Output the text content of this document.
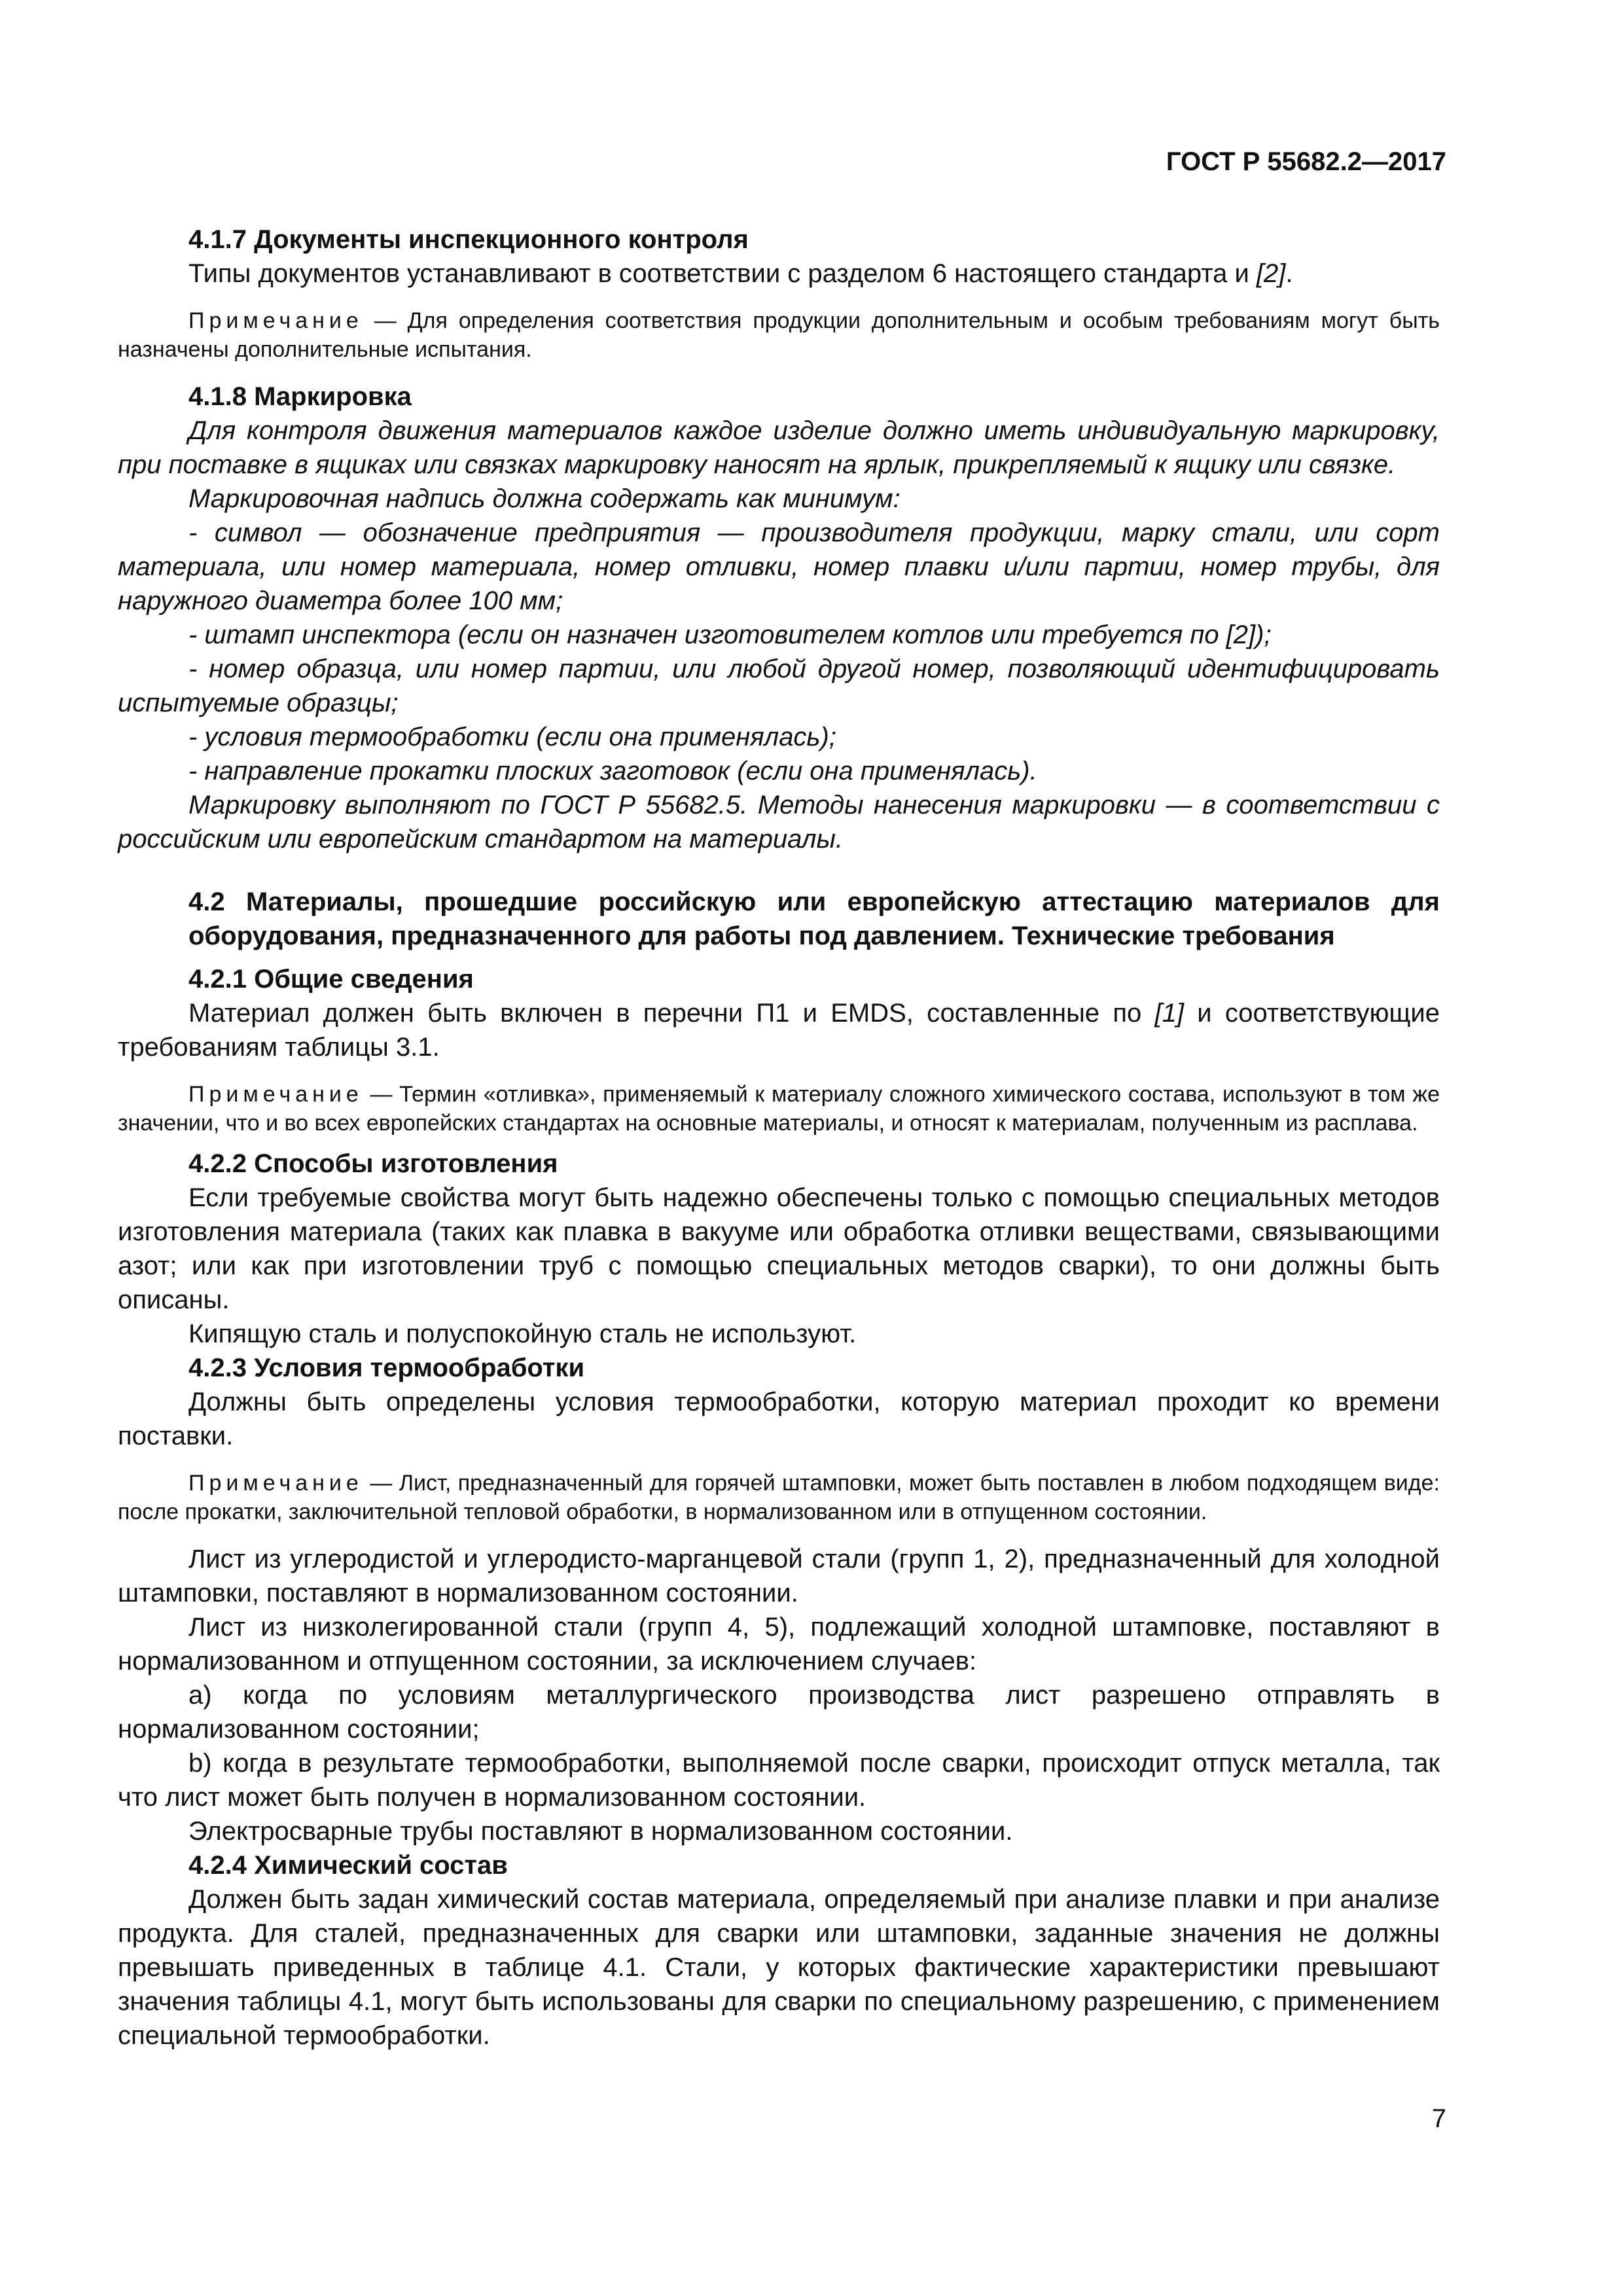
ГОСТ Р 55682.2—2017

4.1.7 Документы инспекционного контроля

Типы документов устанавливают в соответствии с разделом 6 настоящего стандарта и [2].

Примечание — Для определения соответствия продукции дополнительным и особым требованиям могут быть назначены дополнительные испытания.

4.1.8 Маркировка

Для контроля движения материалов каждое изделие должно иметь индивидуальную маркировку, при поставке в ящиках или связках маркировку наносят на ярлык, прикрепляемый к ящику или связке.

Маркировочная надпись должна содержать как минимум:

- символ — обозначение предприятия — производителя продукции, марку стали, или сорт материала, или номер материала, номер отливки, номер плавки и/или партии, номер трубы, для наружного диаметра более 100 мм;

- штамп инспектора (если он назначен изготовителем котлов или требуется по [2]);

- номер образца, или номер партии, или любой другой номер, позволяющий идентифицировать испытуемые образцы;

- условия термообработки (если она применялась);

- направление прокатки плоских заготовок (если она применялась).

Маркировку выполняют по ГОСТ Р 55682.5. Методы нанесения маркировки — в соответствии с российским или европейским стандартом на материалы.

4.2 Материалы, прошедшие российскую или европейскую аттестацию материалов для оборудования, предназначенного для работы под давлением. Технические требования

4.2.1 Общие сведения

Материал должен быть включен в перечни П1 и EMDS, составленные по [1] и соответствующие требованиям таблицы 3.1.

Примечание — Термин «отливка», применяемый к материалу сложного химического состава, используют в том же значении, что и во всех европейских стандартах на основные материалы, и относят к материалам, полученным из расплава.

4.2.2 Способы изготовления

Если требуемые свойства могут быть надежно обеспечены только с помощью специальных методов изготовления материала (таких как плавка в вакууме или обработка отливки веществами, связывающими азот; или как при изготовлении труб с помощью специальных методов сварки), то они должны быть описаны.

Кипящую сталь и полуспокойную сталь не используют.

4.2.3 Условия термообработки

Должны быть определены условия термообработки, которую материал проходит ко времени поставки.

Примечание — Лист, предназначенный для горячей штамповки, может быть поставлен в любом подходящем виде: после прокатки, заключительной тепловой обработки, в нормализованном или в отпущенном состоянии.

Лист из углеродистой и углеродисто-марганцевой стали (групп 1, 2), предназначенный для холодной штамповки, поставляют в нормализованном состоянии.

Лист из низколегированной стали (групп 4, 5), подлежащий холодной штамповке, поставляют в нормализованном и отпущенном состоянии, за исключением случаев:

а) когда по условиям металлургического производства лист разрешено отправлять в нормализованном состоянии;

b) когда в результате термообработки, выполняемой после сварки, происходит отпуск металла, так что лист может быть получен в нормализованном состоянии.

Электросварные трубы поставляют в нормализованном состоянии.

4.2.4 Химический состав

Должен быть задан химический состав материала, определяемый при анализе плавки и при анализе продукта. Для сталей, предназначенных для сварки или штамповки, заданные значения не должны превышать приведенных в таблице 4.1. Стали, у которых фактические характеристики превышают значения таблицы 4.1, могут быть использованы для сварки по специальному разрешению, с применением специальной термообработки.

7
